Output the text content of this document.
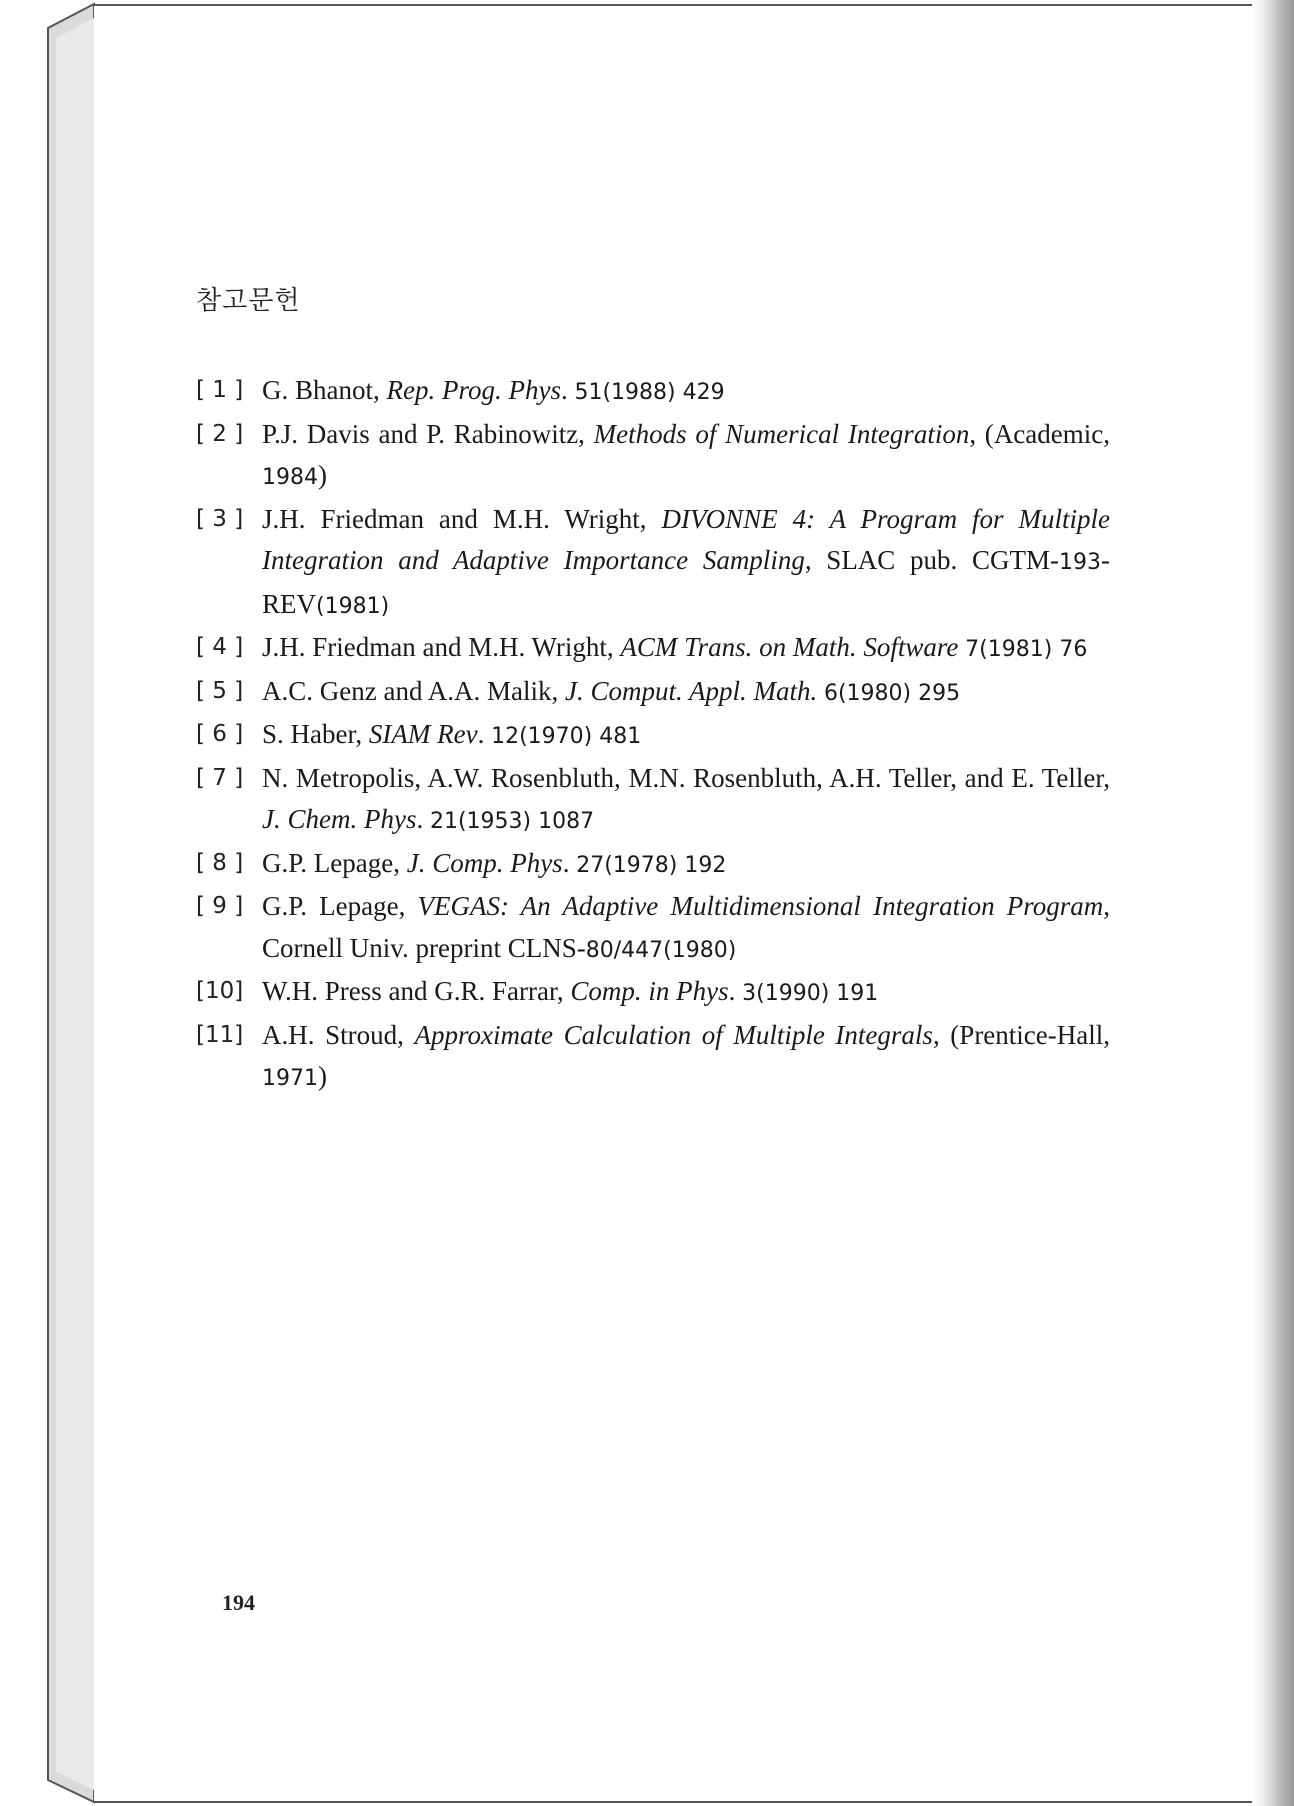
참고문헌
[ 1 ] G. Bhanot, Rep. Prog. Phys. 51(1988) 429
[ 2 ] P.J. Davis and P. Rabinowitz, Methods of Numerical Integration, (Academic, 1984)
[ 3 ] J.H. Friedman and M.H. Wright, DIVONNE 4: A Program for Multiple Integration and Adaptive Importance Sampling, SLAC pub. CGTM-193-REV(1981)
[ 4 ] J.H. Friedman and M.H. Wright, ACM Trans. on Math. Software 7(1981) 76
[ 5 ] A.C. Genz and A.A. Malik, J. Comput. Appl. Math. 6(1980) 295
[ 6 ] S. Haber, SIAM Rev. 12(1970) 481
[ 7 ] N. Metropolis, A.W. Rosenbluth, M.N. Rosenbluth, A.H. Teller, and E. Teller, J. Chem. Phys. 21(1953) 1087
[ 8 ] G.P. Lepage, J. Comp. Phys. 27(1978) 192
[ 9 ] G.P. Lepage, VEGAS: An Adaptive Multidimensional Integration Program, Cornell Univ. preprint CLNS-80/447(1980)
[10] W.H. Press and G.R. Farrar, Comp. in Phys. 3(1990) 191
[11] A.H. Stroud, Approximate Calculation of Multiple Integrals, (Prentice-Hall, 1971)
194
